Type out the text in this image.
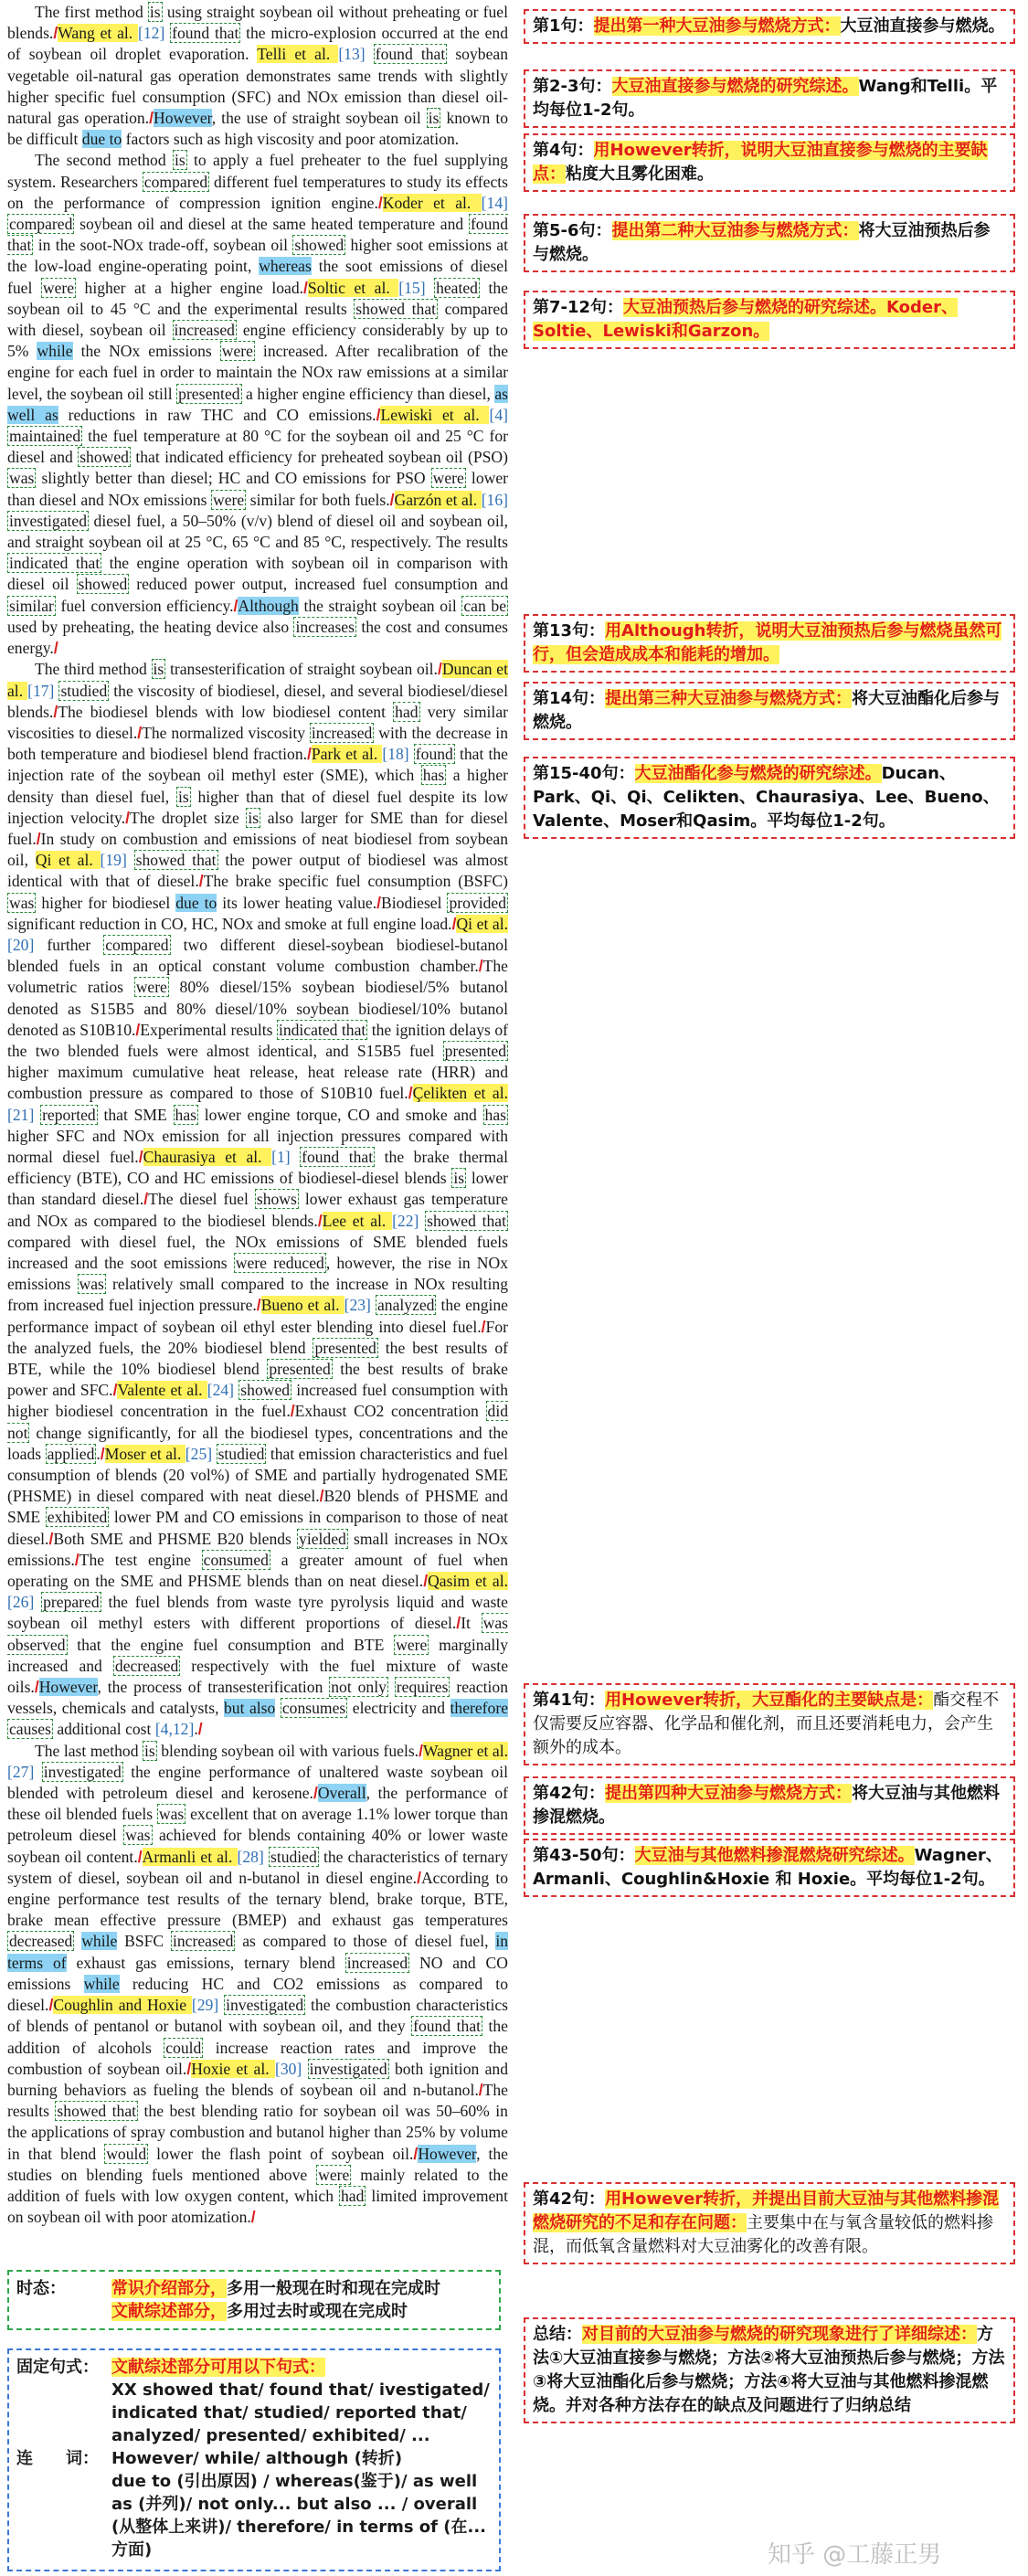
The first method is using straight soybean oil without preheating or fuel blends./Wang et al. [12] found that the micro-explosion occurred at the end of soybean oil droplet evaporation. Telli et al. [13] found that soybean vegetable oil-natural gas operation demonstrates same trends with slightly higher specific fuel consumption (SFC) and NOx emission than diesel oil-natural gas operation./However, the use of straight soybean oil is known to be difficult due to factors such as high viscosity and poor atomization.

The second method is to apply a fuel preheater to the fuel supplying system. Researchers compared different fuel temperatures to study its effects on the performance of compression ignition engine./Koder et al. [14] compared soybean oil and diesel at the same heated temperature and found that in the soot-NOx trade-off, soybean oil showed higher soot emissions at the low-load engine-operating point, whereas the soot emissions of diesel fuel were higher at a higher engine load./Soltic et al. [15] heated the soybean oil to 45 °C and the experimental results showed that compared with diesel, soybean oil increased engine efficiency considerably by up to 5% while the NOx emissions were increased. After recalibration of the engine for each fuel in order to maintain the NOx raw emissions at a similar level, the soybean oil still presented a higher engine efficiency than diesel, as well as reductions in raw THC and CO emissions./Lewiski et al. [4] maintained the fuel temperature at 80 °C for the soybean oil and 25 °C for diesel and showed that indicated efficiency for preheated soybean oil (PSO) was slightly better than diesel; HC and CO emissions for PSO were lower than diesel and NOx emissions were similar for both fuels./Garzón et al. [16] investigated diesel fuel, a 50–50% (v/v) blend of diesel oil and soybean oil, and straight soybean oil at 25 °C, 65 °C and 85 °C, respectively. The results indicated that the engine operation with soybean oil in comparison with diesel oil showed reduced power output, increased fuel consumption and similar fuel conversion efficiency./Although the straight soybean oil can be used by preheating, the heating device also increases the cost and consumes energy./

The third method is transesterification of straight soybean oil./Duncan et al. [17] studied the viscosity of biodiesel, diesel, and several biodiesel/diesel blends./The biodiesel blends with low biodiesel content had very similar viscosities to diesel./The normalized viscosity increased with the decrease in both temperature and biodiesel blend fraction./Park et al. [18] found that the injection rate of the soybean oil methyl ester (SME), which has a higher density than diesel fuel, is higher than that of diesel fuel despite its low injection velocity./The droplet size is also larger for SME than for diesel fuel./In study on combustion and emissions of neat biodiesel from soybean oil, Qi et al. [19] showed that the power output of biodiesel was almost identical with that of diesel./The brake specific fuel consumption (BSFC) was higher for biodiesel due to its lower heating value./Biodiesel provided significant reduction in CO, HC, NOx and smoke at full engine load./Qi et al. [20] further compared two different diesel-soybean biodiesel-butanol blended fuels in an optical constant volume combustion chamber./The volumetric ratios were 80% diesel/15% soybean biodiesel/5% butanol denoted as S15B5 and 80% diesel/10% soybean biodiesel/10% butanol denoted as S10B10./Experimental results indicated that the ignition delays of the two blended fuels were almost identical, and S15B5 fuel presented higher maximum cumulative heat release, heat release rate (HRR) and combustion pressure as compared to those of S10B10 fuel./Çelikten et al. [21] reported that SME has lower engine torque, CO and smoke and has higher SFC and NOx emission for all injection pressures compared with normal diesel fuel./Chaurasiya et al. [1] found that the brake thermal efficiency (BTE), CO and HC emissions of biodiesel-diesel blends is lower than standard diesel./The diesel fuel shows lower exhaust gas temperature and NOx as compared to the biodiesel blends./Lee et al. [22] showed that compared with diesel fuel, the NOx emissions of SME blended fuels increased and the soot emissions were reduced , however, the rise in NOx emissions was relatively small compared to the increase in NOx resulting from increased fuel injection pressure./Bueno et al. [23] analyzed the engine performance impact of soybean oil ethyl ester blending into diesel fuel./For the analyzed fuels, the 20% biodiesel blend presented the best results of BTE, while the 10% biodiesel blend presented the best results of brake power and SFC./Valente et al. [24] showed increased fuel consumption with higher biodiesel concentration in the fuel./Exhaust CO2 concentration did not change significantly, for all the biodiesel types, concentrations and the loads applied ./Moser et al. [25] studied that emission characteristics and fuel consumption of blends (20 vol%) of SME and partially hydrogenated SME (PHSME) in diesel compared with neat diesel./B20 blends of PHSME and SME exhibited lower PM and CO emissions in comparison to those of neat diesel./Both SME and PHSME B20 blends yielded small increases in NOx emissions./The test engine consumed a greater amount of fuel when operating on the SME and PHSME blends than on neat diesel./Qasim et al. [26] prepared the fuel blends from waste tyre pyrolysis liquid and waste soybean oil methyl esters with different proportions of diesel./It was observed that the engine fuel consumption and BTE were marginally increased and decreased respectively with the fuel mixture of waste oils./However, the process of transesterification not only requires reaction vessels, chemicals and catalysts, but also consumes electricity and therefore causes additional cost [4,12]./

The last method is blending soybean oil with various fuels./Wagner et al. [27] investigated the engine performance of unaltered waste soybean oil blended with petroleum diesel and kerosene./Overall, the performance of these oil blended fuels was excellent that on average 1.1% lower torque than petroleum diesel was achieved for blends containing 40% or lower waste soybean oil content./Armanli et al. [28] studied the characteristics of ternary system of diesel, soybean oil and n-butanol in diesel engine./According to engine performance test results of the ternary blend, brake torque, BTE, brake mean effective pressure (BMEP) and exhaust gas temperatures decreased while BSFC increased as compared to those of diesel fuel, in terms of exhaust gas emissions, ternary blend increased NO and CO emissions while reducing HC and CO2 emissions as compared to diesel./Coughlin and Hoxie [29] investigated the combustion characteristics of blends of pentanol or butanol with soybean oil, and they found that the addition of alcohols could increase reaction rates and improve the combustion of soybean oil./Hoxie et al. [30] investigated both ignition and burning behaviors as fueling the blends of soybean oil and n-butanol./The results showed that the best blending ratio for soybean oil was 50–60% in the applications of spray combustion and butanol higher than 25% by volume in that blend would lower the flash point of soybean oil./However, the studies on blending fuels mentioned above were mainly related to the addition of fuels with low oxygen content, which had limited improvement on soybean oil with poor atomization./

第1句：提出第一种大豆油参与燃烧方式：大豆油直接参与燃烧。
第2-3句：大豆油直接参与燃烧的研究综述。Wang和Telli。平均每位1-2句。
第4句：用However转折，说明大豆油直接参与燃烧的主要缺点：粘度大且雾化困难。
第5-6句：提出第二种大豆油参与燃烧方式：将大豆油预热后参与燃烧。
第7-12句：大豆油预热后参与燃烧的研究综述。Koder、Soltie、Lewiski和Garzon。
第13句：用Although转折，说明大豆油预热后参与燃烧虽然可行，但会造成成本和能耗的增加。
第14句：提出第三种大豆油参与燃烧方式：将大豆油酯化后参与燃烧。
第15-40句：大豆油酯化参与燃烧的研究综述。Ducan、Park、Qi、Qi、Celikten、Chaurasiya、Lee、Bueno、Valente、Moser和Qasim。平均每位1-2句。
第41句：用However转折，大豆酯化的主要缺点是：酯交程不仅需要反应容器、化学品和催化剂，而且还要消耗电力，会产生额外的成本。
第42句：提出第四种大豆油参与燃烧方式：将大豆油与其他燃料掺混燃烧。
第43-50句：大豆油与其他燃料掺混燃烧研究综述。Wagner、Armanli、Coughlin&Hoxie 和 Hoxie。平均每位1-2句。
第42句：用However转折，并提出目前大豆油与其他燃料掺混燃烧研究的不足和存在问题：主要集中在与氧含量较低的燃料掺混，而低氧含量燃料对大豆油雾化的改善有限。
总结：对目前的大豆油参与燃烧的研究现象进行了详细综述：方法①大豆油直接参与燃烧；方法②将大豆油预热后参与燃烧；方法③将大豆油酯化后参与燃烧；方法④将大豆油与其他燃料掺混燃烧。并对各种方法存在的缺点及问题进行了归纳总结
时态：	常识介绍部分，多用一般现在时和现在完成时
文献综述部分，多用过去时或现在完成时
固定句式： 文献综述部分可用以下句式：
XX showed that/ found that/ ivestigated/ indicated that/ studied/ reported that/ analyzed/ presented/ exhibited/ ...
连　　词： However/ while/ although (转折)
due to (引出原因) / whereas(鉴于)/ as well as (并列)/ not only... but also ... / overall (从整体上来讲)/ therefore/ in terms of (在...方面)	知乎 @工藤正男
